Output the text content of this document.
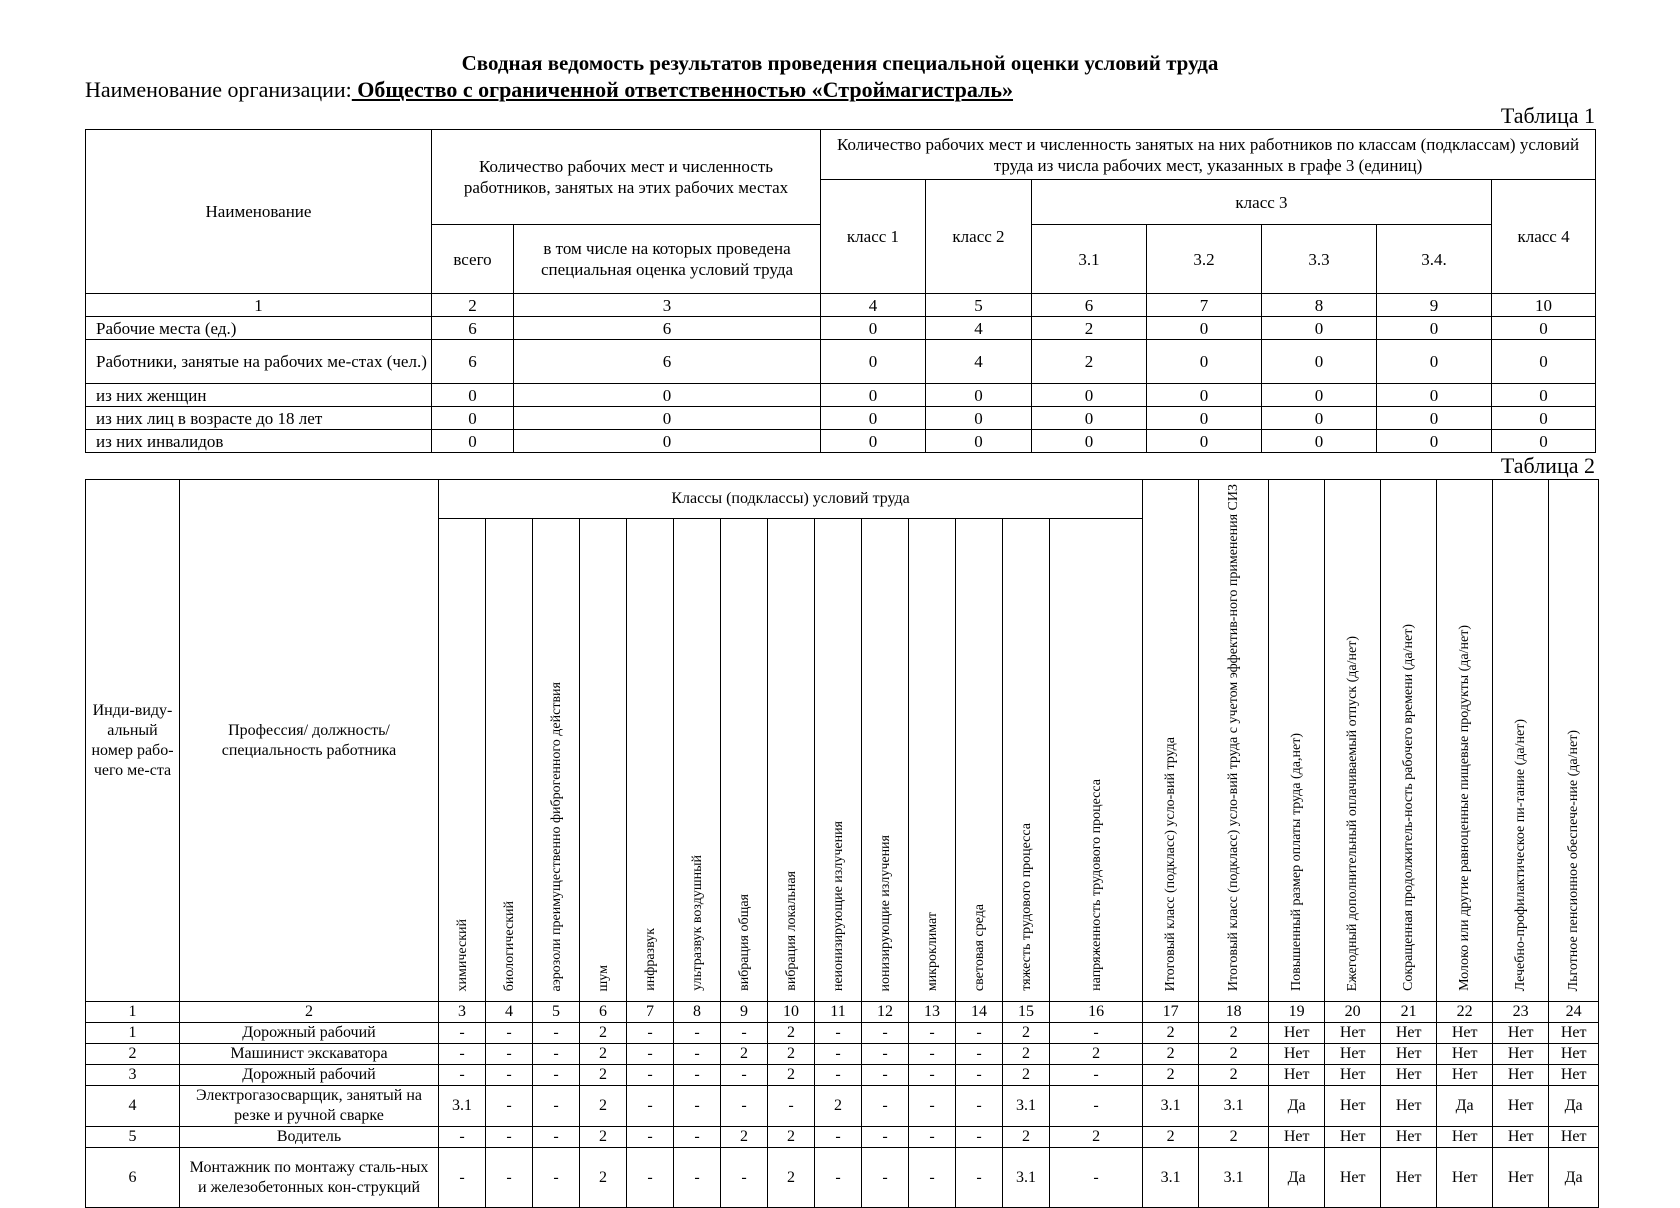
Сводная ведомость результатов проведения специальной оценки условий труда
Наименование организации: Общество с ограниченной ответственностью «Строймагистраль»
Таблица 1
Наименование	Количество рабочих мест и численность работников, занятых на этих рабочих местах		Количество рабочих мест и численность занятых на них работников по классам (подклассам) условий труда из числа рабочих мест, указанных в графе 3 (единиц)						
			класс 1	класс 2	класс 3				класс 4
	всего	в том числе на которых проведена специальная оценка условий труда			3.1	3.2	3.3	3.4.	
1	2	3	4	5	6	7	8	9	10
Рабочие места (ед.)	6	6	0	4	2	0	0	0	0
Работники, занятые на рабочих ме-стах (чел.)	6	6	0	4	2	0	0	0	0
из них женщин	0	0	0	0	0	0	0	0	0
из них лиц в возрасте до 18 лет	0	0	0	0	0	0	0	0	0
из них инвалидов	0	0	0	0	0	0	0	0	0
Таблица 2
Инди-виду-альный номер рабо-чего ме-ста	Профессия/ должность/ специальность работника	Классы (подклассы) условий труда														Итоговый класс (подкласс) усло-вий труда	Итоговый класс (подкласс) усло-вий труда с учетом эффектив-ного применения СИЗ	Повышенный размер оплаты труда (да,нет)	Ежегодный дополнительный оплачиваемый отпуск (да/нет)	Сокращенная продолжитель-ность рабочего времени (да/нет)	Молоко или другие равноценные пищевые продукты (да/нет)	Лечебно-профилактическое пи-тание (да/нет)	Льготное пенсионное обеспече-ние (да/нет)
		химический	биологический	аэрозоли преимущественно фиброгенного действия	шум	инфразвук	ультразвук воздушный	вибрация общая	вибрация локальная	неионизирующие излучения	ионизирующие излучения	микроклимат	световая среда	тяжесть трудового процесса	напряженность трудового процесса								
1	2	3	4	5	6	7	8	9	10	11	12	13	14	15	16	17	18	19	20	21	22	23	24
1	Дорожный рабочий	-	-	-	2	-	-	-	2	-	-	-	-	2	-	2	2	Нет	Нет	Нет	Нет	Нет	Нет
2	Машинист экскаватора	-	-	-	2	-	-	2	2	-	-	-	-	2	2	2	2	Нет	Нет	Нет	Нет	Нет	Нет
3	Дорожный рабочий	-	-	-	2	-	-	-	2	-	-	-	-	2	-	2	2	Нет	Нет	Нет	Нет	Нет	Нет
4	Электрогазосварщик, занятый на резке и ручной сварке	3.1	-	-	2	-	-	-	-	2	-	-	-	3.1	-	3.1	3.1	Да	Нет	Нет	Да	Нет	Да
5	Водитель	-	-	-	2	-	-	2	2	-	-	-	-	2	2	2	2	Нет	Нет	Нет	Нет	Нет	Нет
6	Монтажник по монтажу сталь-ных и железобетонных кон-струкций	-	-	-	2	-	-	-	2	-	-	-	-	3.1	-	3.1	3.1	Да	Нет	Нет	Нет	Нет	Да
